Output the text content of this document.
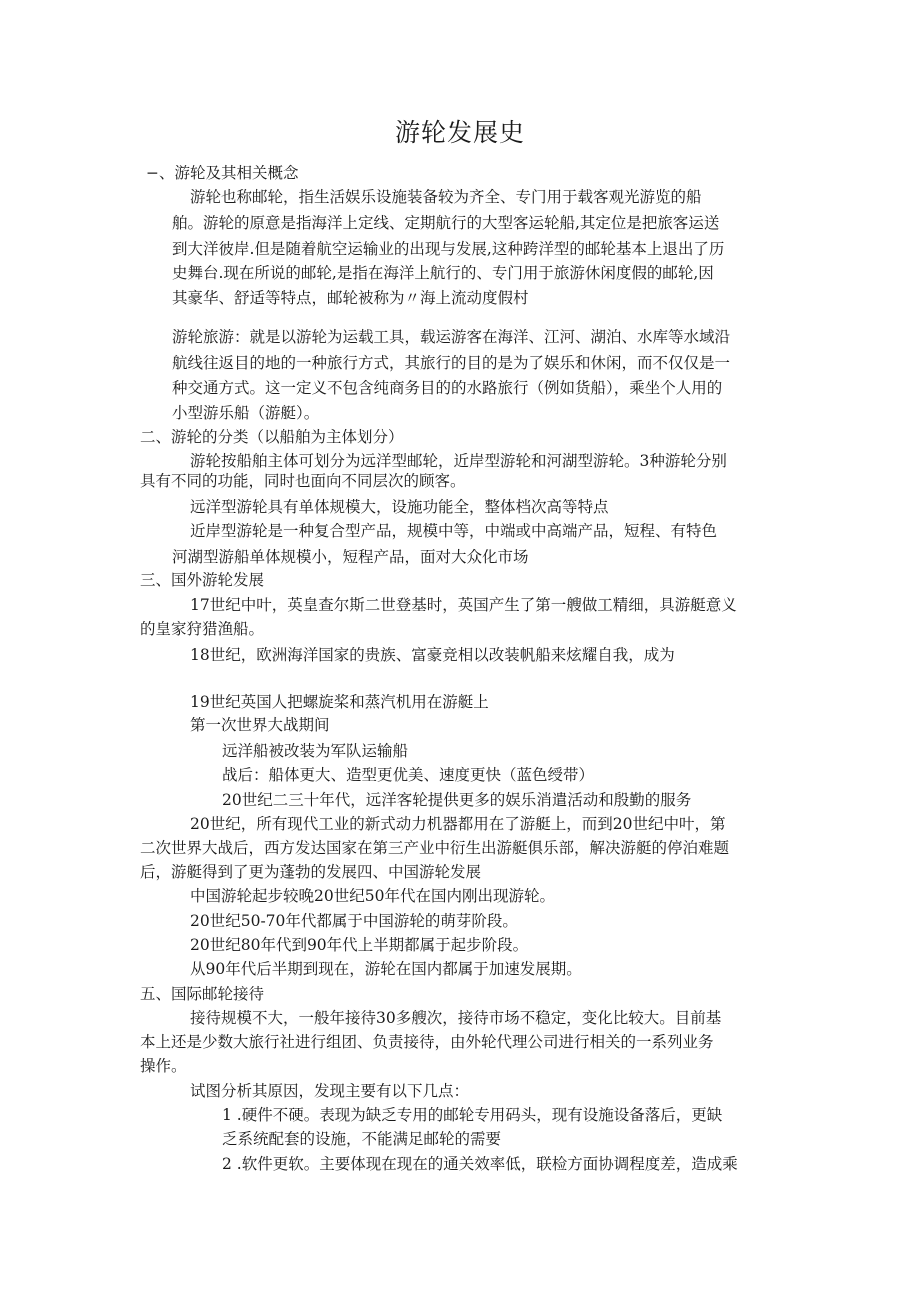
游轮发展史
−、游轮及其相关概念
游轮也称邮轮，指生活娱乐设施装备较为齐全、专门用于载客观光游览的船
舶。游轮的原意是指海洋上定线、定期航行的大型客运轮船,其定位是把旅客运送
到大洋彼岸.但是随着航空运输业的出现与发展,这种跨洋型的邮轮基本上退出了历
史舞台.现在所说的邮轮,是指在海洋上航行的、专门用于旅游休闲度假的邮轮,因
其豪华、舒适等特点，邮轮被称为〃海上流动度假村
游轮旅游：就是以游轮为运载工具，载运游客在海洋、江河、湖泊、水库等水域沿
航线往返目的地的一种旅行方式，其旅行的目的是为了娱乐和休闲，而不仅仅是一
种交通方式。这一定义不包含纯商务目的的水路旅行（例如货船），乘坐个人用的
小型游乐船（游艇）。
二、游轮的分类（以船舶为主体划分）
游轮按船舶主体可划分为远洋型邮轮，近岸型游轮和河湖型游轮。3种游轮分别
具有不同的功能，同时也面向不同层次的顾客。
远洋型游轮具有单体规模大，设施功能全，整体档次高等特点
近岸型游轮是一种复合型产品，规模中等，中端或中高端产品，短程、有特色
河湖型游船单体规模小，短程产品，面对大众化市场
三、国外游轮发展
17世纪中叶，英皇查尔斯二世登基时，英国产生了第一艘做工精细，具游艇意义
的皇家狩猎渔船。
18世纪，欧洲海洋国家的贵族、富豪竞相以改装帆船来炫耀自我，成为
19世纪英国人把螺旋桨和蒸汽机用在游艇上
第一次世界大战期间
远洋船被改装为军队运输船
战后：船体更大、造型更优美、速度更快（蓝色绶带）
20世纪二三十年代，远洋客轮提供更多的娱乐消遣活动和殷勤的服务
20世纪，所有现代工业的新式动力机器都用在了游艇上，而到20世纪中叶，第
二次世界大战后，西方发达国家在第三产业中衍生出游艇俱乐部，解决游艇的停泊难题
后，游艇得到了更为蓬勃的发展四、中国游轮发展
中国游轮起步较晚20世纪50年代在国内刚出现游轮。
20世纪50-70年代都属于中国游轮的萌芽阶段。
20世纪80年代到90年代上半期都属于起步阶段。
从90年代后半期到现在，游轮在国内都属于加速发展期。
五、国际邮轮接待
接待规模不大，一般年接待30多艘次，接待市场不稳定，变化比较大。目前基
本上还是少数大旅行社进行组团、负责接待，由外轮代理公司进行相关的一系列业务
操作。
试图分析其原因，发现主要有以下几点：
1 .硬件不硬。表现为缺乏专用的邮轮专用码头，现有设施设备落后，更缺
乏系统配套的设施，不能满足邮轮的需要
2 .软件更软。主要体现在现在的通关效率低，联检方面协调程度差，造成乘
